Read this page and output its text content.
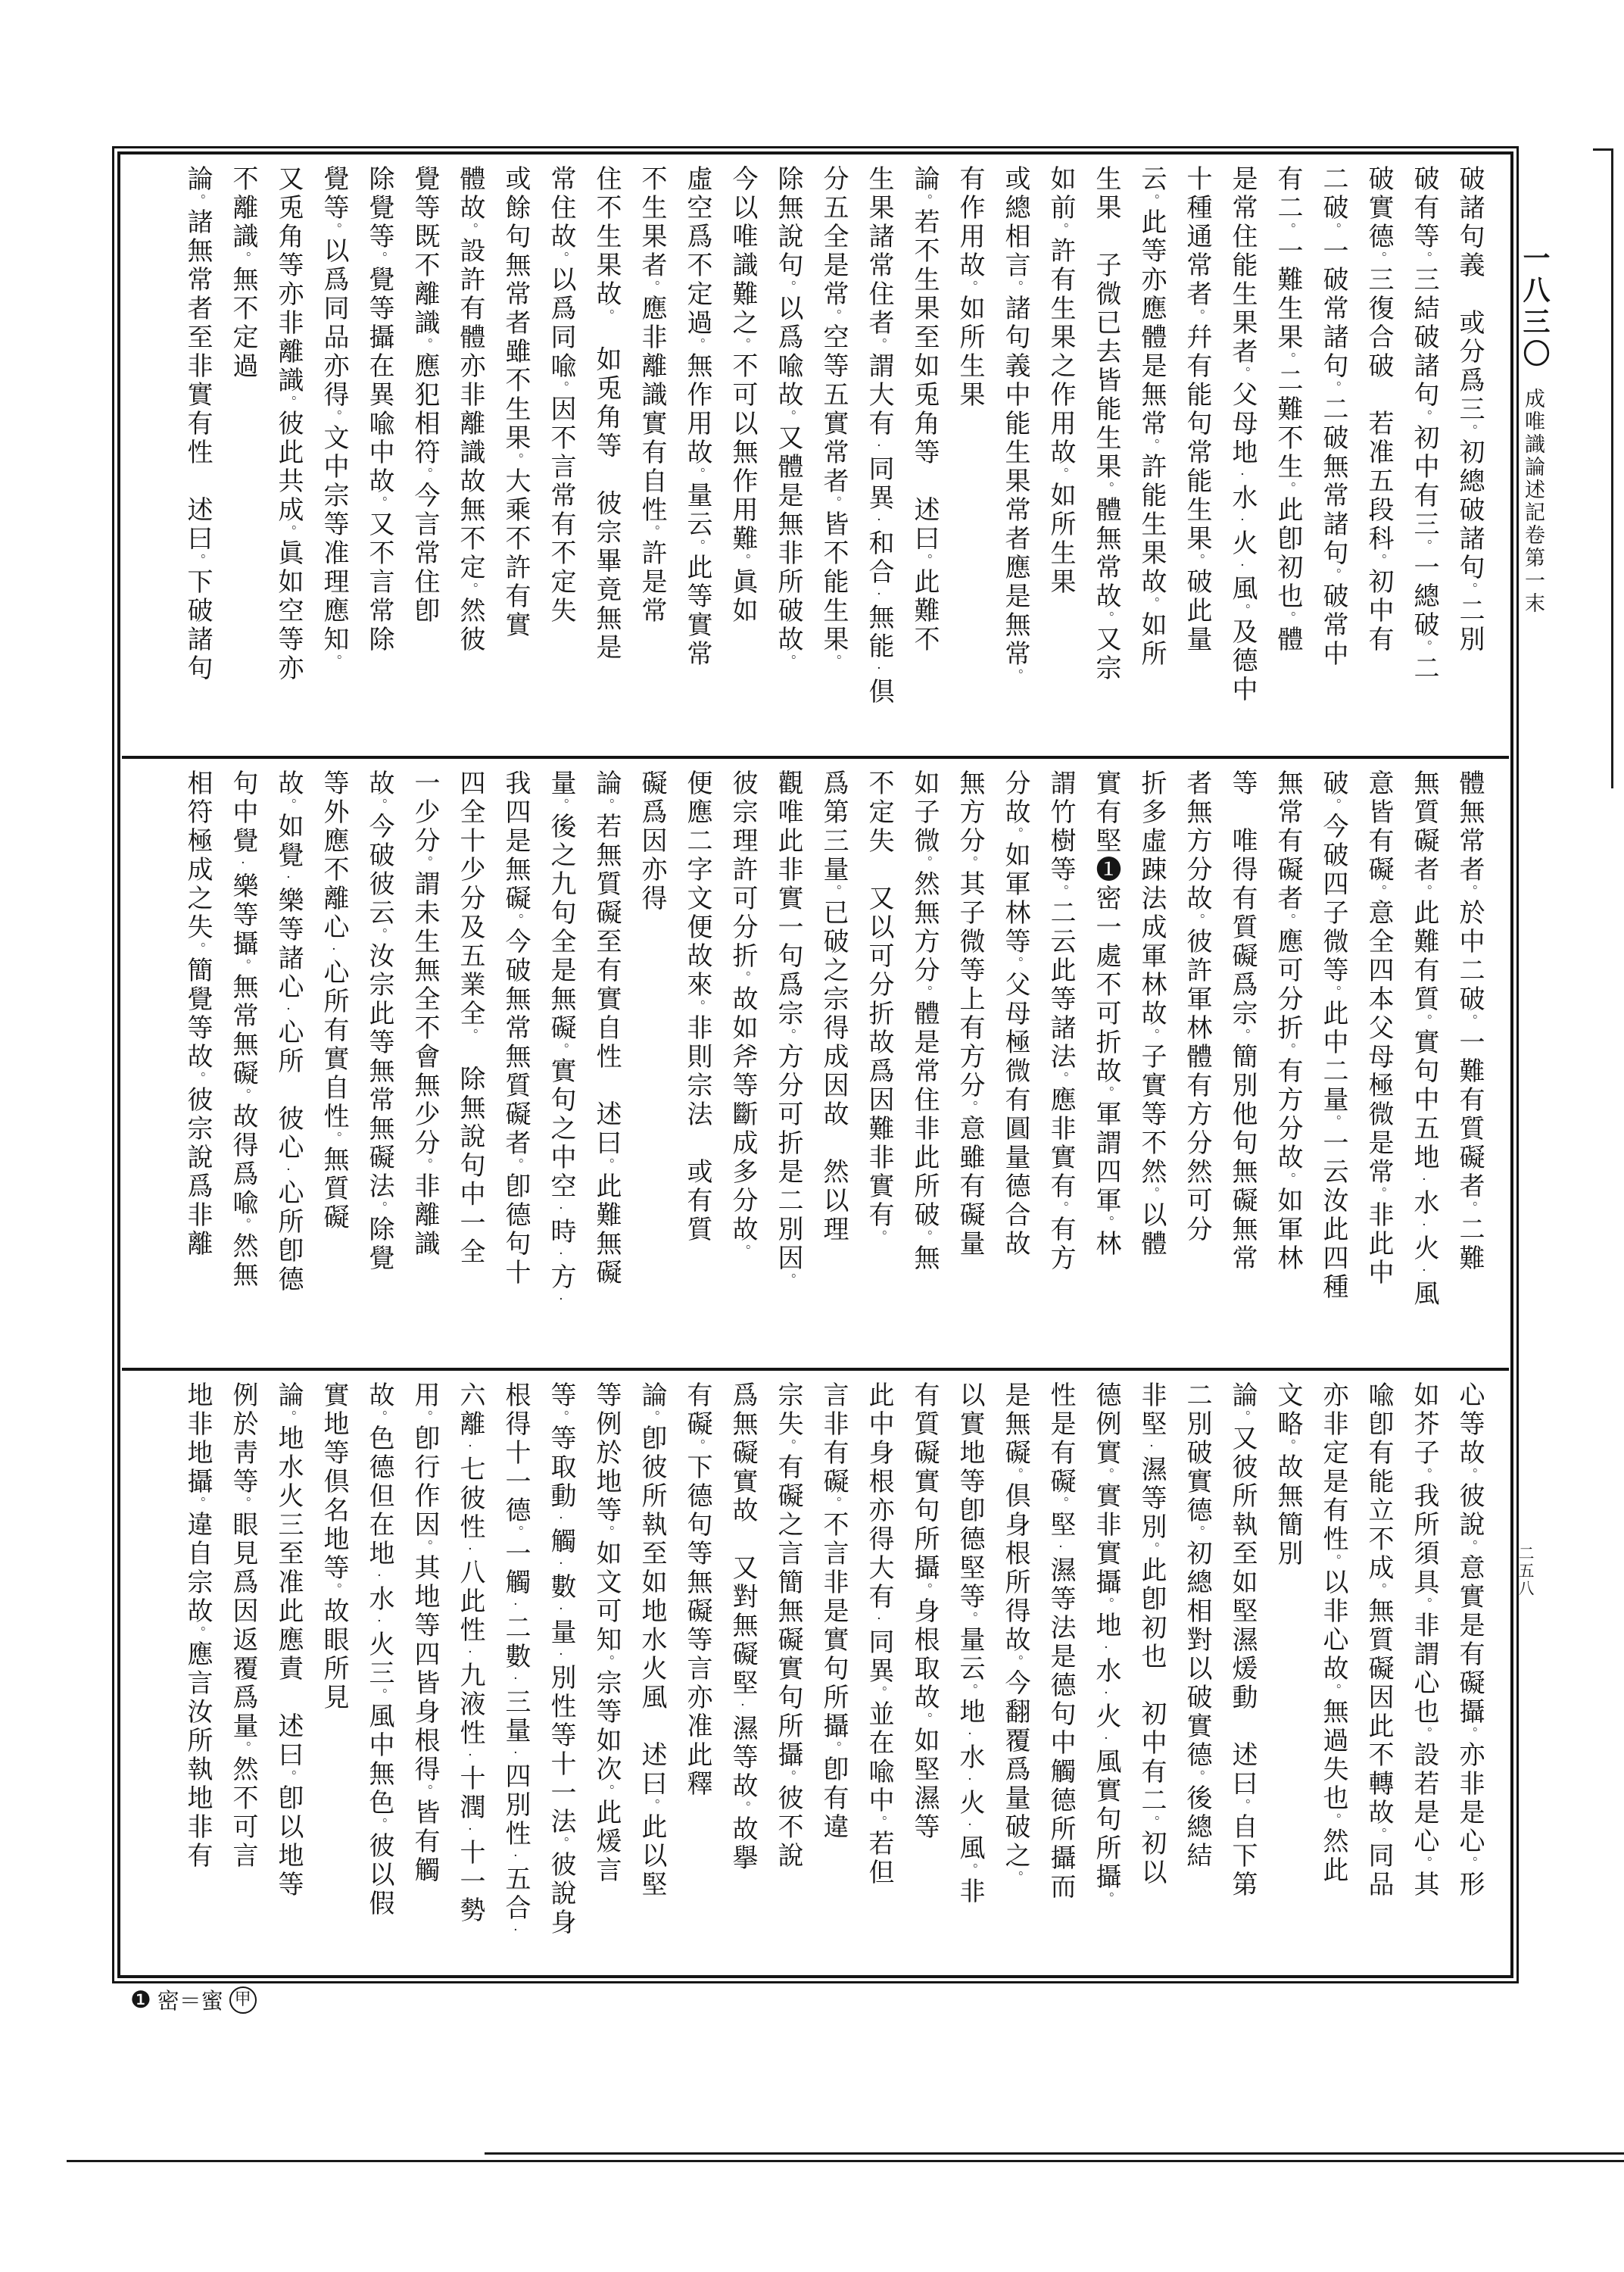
一八三〇
成唯識論述記卷第一末
二五八
破諸句義　或分爲三。初總破諸句。二別
破有等。三結破諸句。初中有三。一總破。二
破實德。三復合破　若准五段科。初中有
二破。一破常諸句。二破無常諸句。破常中
有二。一難生果。二難不生。此卽初也。體
是常住能生果者。父母地·水·火·風。及德中
十種通常者。幷有能句常能生果。破此量
云。此等亦應體是無常。許能生果故。如所
生果　子微已去皆能生果。體無常故。又宗
如前。許有生果之作用故。如所生果
或總相言。諸句義中能生果常者應是無常。
有作用故。如所生果
論。若不生果至如兎角等　述曰。此難不
生果諸常住者。謂大有·同異·和合·無能·倶
分五全是常。空等五實常者。皆不能生果。
除無說句。以爲喩故。又體是無非所破故。
今以唯識難之。不可以無作用難。眞如
虛空爲不定過。無作用故。量云。此等實常
不生果者。應非離識實有自性。許是常
住不生果故。　如兎角等　彼宗畢竟無是
常住故。以爲同喩。因不言常有不定失
或餘句無常者雖不生果。大乘不許有實
體故。設許有體亦非離識故無不定。然彼
覺等既不離識。應犯相符。今言常住卽
除覺等。覺等攝在異喩中故。又不言常除
覺等。以爲同品亦得。文中宗等准理應知。
又兎角等亦非離識。彼此共成。眞如空等亦
不離識。無不定過
論。諸無常者至非實有性　述曰。下破諸句
體無常者。於中二破。一難有質礙者。二難
無質礙者。此難有質。實句中五地·水·火·風
意皆有礙。意全四本父母極微是常。非此中
破。今破四子微等。此中二量。一云汝此四種
無常有礙者。應可分折。有方分故。如軍林
等　唯得有質礙爲宗。簡別他句無礙無常
者無方分故。彼許軍林體有方分然可分
折多虛踈法成軍林故。子實等不然。以體
實有堅❶密一處不可折故。軍謂四軍。林
謂竹樹等。二云此等諸法。應非實有。有方
分故。如軍林等。父母極微有圓量德合故
無方分。其子微等上有方分。意雖有礙量
如子微。然無方分。體是常住非此所破。無
不定失　又以可分折故爲因難非實有。
爲第三量。已破之宗得成因故　然以理
觀唯此非實一句爲宗。方分可折是二別因。
彼宗理許可分折。故如斧等斷成多分故。
便應二字文便故來。非則宗法　或有質
礙爲因亦得
論。若無質礙至有實自性　述曰。此難無礙
量。後之九句全是無礙。實句之中空·時·方·
我四是無礙。今破無常無質礙者。卽德句十
四全十少分及五業全。　除無說句中一全
一少分。謂未生無全不會無少分。非離識
故。今破彼云。汝宗此等無常無礙法。除覺
等外應不離心·心所有實自性。無質礙
故。如覺·樂等諸心·心所　彼心·心所卽德
句中覺·樂等攝。無常無礙。故得爲喩。然無
相符極成之失。簡覺等故。彼宗說爲非離
心等故。彼說。意實是有礙攝。亦非是心。形
如芥子。我所須具。非謂心也。設若是心。其
喩卽有能立不成。無質礙因此不轉故。同品
亦非定是有性。以非心故。無過失也。然此
文略。故無簡別
論。又彼所執至如堅濕煖動　述曰。自下第
二別破實德。初總相對以破實德。後總結
非堅·濕等別。此卽初也　初中有二。初以
德例實。實非實攝。地·水·火·風實句所攝。
性是有礙。堅·濕等法是德句中觸德所攝而
是無礙。倶身根所得故。今翻覆爲量破之。
以實地等卽德堅等。量云。地·水·火·風。非
有質礙實句所攝。身根取故。如堅濕等
此中身根亦得大有·同異。並在喩中。若但
言非有礙。不言非是實句所攝。卽有違
宗失。有礙之言簡無礙實句所攝。彼不說
爲無礙實故　又對無礙堅·濕等故。故擧
有礙。下德句等無礙等言亦准此釋
論。卽彼所執至如地水火風　述曰。此以堅
等例於地等。如文可知。宗等如次。此煖言
等。等取動·觸·數·量·別性等十一法。彼說身
根得十一德。一觸·二數·三量·四別性·五合·
六離·七彼性·八此性·九液性·十潤·十一勢
用。卽行作因。其地等四皆身根得。皆有觸
故。色德但在地·水·火三。風中無色。彼以假
實地等倶名地等。故眼所見
論。地水火三至准此應責　述曰。卽以地等
例於靑等。眼見爲因返覆爲量。然不可言
地非地攝。違自宗故。應言汝所執地非有
❶ 密＝蜜 甲
